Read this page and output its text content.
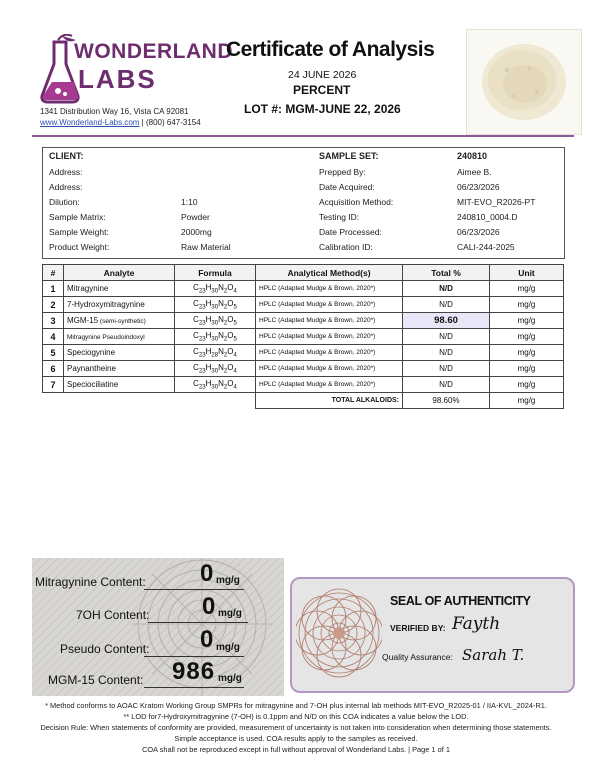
WONDERLAND
LABS
1341 Distribution Way 16, Vista CA 92081
www.Wonderland-Labs.com | (800) 647-3154
Certificate of Analysis
24 JUNE 2026
PERCENT
LOT #: MGM-JUNE 22, 2026
CLIENT:
Address:
Address:
Dilution:	1:10
Sample Matrix:	Powder
Sample Weight:	2000mg
Product Weight:	Raw Material
SAMPLE SET:	240810
Prepped By:	Aimee B.
Date Acquired:	06/23/2026
Acquisition Method:	MIT-EVO_R2026-PT
Testing ID:	240810_0004.D
Date Processed:	06/23/2026
Calibration ID:	CALI-244-2025
#	Analyte	Formula	Analytical Method(s)	Total %	Unit
1	Mitragynine	$C_{23}H_{30}N_2O_4$	HPLC (Adapted Mudge & Brown, 2020*)	N/D	mg/g
2	7-Hydroxymitragynine	$C_{23}H_{30}N_2O_5$	HPLC (Adapted Mudge & Brown, 2020*)	N/D	mg/g
3	MGM-15 (semi-synthetic)	$C_{23}H_{30}N_2O_5$	HPLC (Adapted Mudge & Brown, 2020*)	98.60	mg/g
4	Mitragynine Pseudoindoxyl	$C_{23}H_{30}N_2O_5$	HPLC (Adapted Mudge & Brown, 2020*)	N/D	mg/g
5	Speciogynine	$C_{23}H_{28}N_2O_4$	HPLC (Adapted Mudge & Brown, 2020*)	N/D	mg/g
6	Paynantheine	$C_{23}H_{30}N_2O_4$	HPLC (Adapted Mudge & Brown, 2020*)	N/D	mg/g
7	Speciociliatine	$C_{23}H_{30}N_2O_4$	HPLC (Adapted Mudge & Brown, 2020*)	N/D	mg/g
			TOTAL ALKALOIDS:	98.60%	mg/g
Mitragynine Content: 0 mg/g
7OH Content: 0 mg/g
Pseudo Content: 0 mg/g
MGM-15 Content: 986 mg/g
SEAL OF AUTHENTICITY
VERIFIED BY: Fayth
Quality Assurance: Sarah T.
* Method conforms to AOAC Kratom Working Group SMPRs for mitragynine and 7-OH plus internal lab methods MIT-EVO_R2025-01 / IIA-KVL_2024-R1.
** LOD for7-Hydroxymitragynine (7-OH) is 0.1ppm and N/D on this COA indicates a value below the LOD.
Decision Rule: When statements of conformity are provided, measurement of uncertainty is not taken into consideration when determining those statements.
Simple acceptance is used. COA results apply to the samples as received.
COA shall not be reproduced except in full without approval of Wonderland Labs. | Page 1 of 1
